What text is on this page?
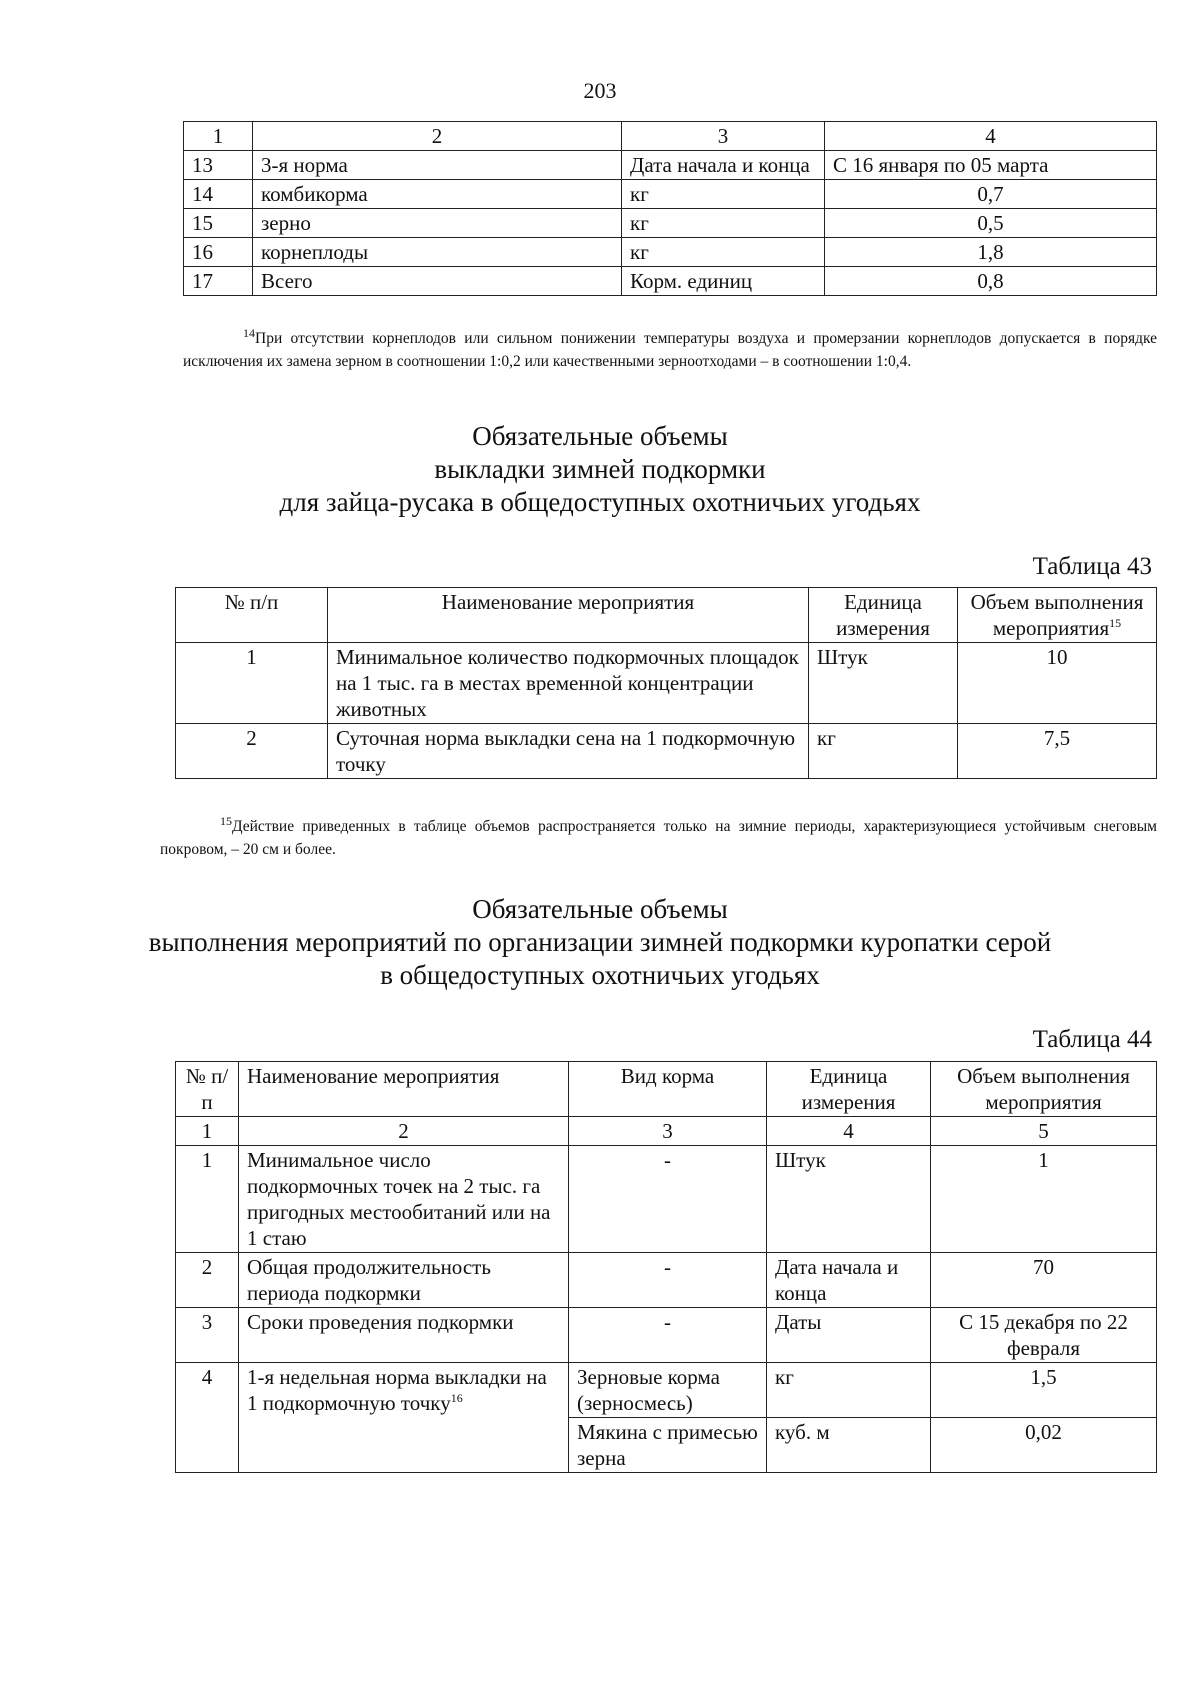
203
1	2	3	4
13	3-я норма	Дата начала и конца	С 16 января по 05 марта
14	комбикорма	кг	0,7
15	зерно	кг	0,5
16	корнеплоды	кг	1,8
17	Всего	Корм. единиц	0,8
$^{14}$При отсутствии корнеплодов или сильном понижении температуры воздуха и промерзании корнеплодов допускается в порядке исключения их замена зерном в соотношении 1:0,2 или качественными зерноотходами – в соотношении 1:0,4.
Обязательные объемы
выкладки зимней подкормки
для зайца-русака в общедоступных охотничьих угодьях
Таблица 43
№ п/п	Наименование мероприятия	Единица измерения	Объем выполнения мероприятия$^{15}$
1	Минимальное количество подкормочных площадок на 1 тыс. га в местах временной концентрации животных	Штук	10
2	Суточная норма выкладки сена на 1 подкормочную точку	кг	7,5
$^{15}$Действие приведенных в таблице объемов распространяется только на зимние периоды, характеризующиеся устойчивым снеговым покровом, – 20 см и более.
Обязательные объемы
выполнения мероприятий по организации зимней подкормки куропатки серой
в общедоступных охотничьих угодьях
Таблица 44
№ п/п	Наименование мероприятия	Вид корма	Единица измерения	Объем выполнения мероприятия
1	2	3	4	5
1	Минимальное число подкормочных точек на 2 тыс. га пригодных местообитаний или на 1 стаю	-	Штук	1
2	Общая продолжительность периода подкормки	-	Дата начала и конца	70
3	Сроки проведения подкормки	-	Даты	С 15 декабря по 22 февраля
4	1-я недельная норма выкладки на 1 подкормочную точку$^{16}$	Зерновые корма (зерносмесь)	кг	1,5
		Мякина с примесью зерна	куб. м	0,02
